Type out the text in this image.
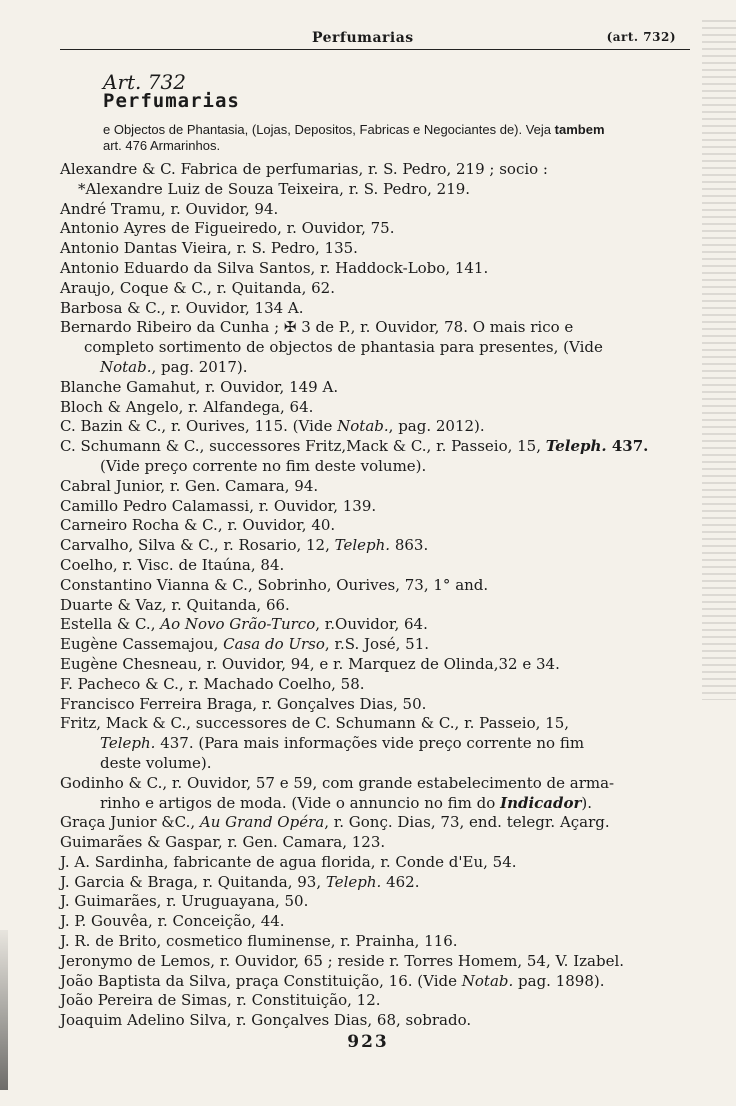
Perfumarias	(art. 732)
Art. 732
Perfumarias
e Objectos de Phantasia, (Lojas, Depositos, Fabricas e Negociantes de). Veja tambem
art. 476 Armarinhos.
Alexandre & C. Fabrica de perfumarias, r. S. Pedro, 219 ; socio :
*Alexandre Luiz de Souza Teixeira, r. S. Pedro, 219.
André Tramu, r. Ouvidor, 94.
Antonio Ayres de Figueiredo, r. Ouvidor, 75.
Antonio Dantas Vieira, r. S. Pedro, 135.
Antonio Eduardo da Silva Santos, r. Haddock-Lobo, 141.
Araujo, Coque & C., r. Quitanda, 62.
Barbosa & C., r. Ouvidor, 134 A.
Bernardo Ribeiro da Cunha ; ✠ 3 de P., r. Ouvidor, 78. O mais rico e
completo sortimento de objectos de phantasia para presentes, (Vide
Notab., pag. 2017).
Blanche Gamahut, r. Ouvidor, 149 A.
Bloch & Angelo, r. Alfandega, 64.
C. Bazin & C., r. Ourives, 115. (Vide Notab., pag. 2012).
C. Schumann & C., successores Fritz,Mack & C., r. Passeio, 15, Teleph. 437.
(Vide preço corrente no fim deste volume).
Cabral Junior, r. Gen. Camara, 94.
Camillo Pedro Calamassi, r. Ouvidor, 139.
Carneiro Rocha & C., r. Ouvidor, 40.
Carvalho, Silva & C., r. Rosario, 12, Teleph. 863.
Coelho, r. Visc. de Itaúna, 84.
Constantino Vianna & C., Sobrinho, Ourives, 73, 1° and.
Duarte & Vaz, r. Quitanda, 66.
Estella & C., Ao Novo Grão-Turco, r.Ouvidor, 64.
Eugène Cassemajou, Casa do Urso, r.S. José, 51.
Eugène Chesneau, r. Ouvidor, 94, e r. Marquez de Olinda,32 e 34.
F. Pacheco & C., r. Machado Coelho, 58.
Francisco Ferreira Braga, r. Gonçalves Dias, 50.
Fritz, Mack & C., successores de C. Schumann & C., r. Passeio, 15,
Teleph. 437. (Para mais informações vide preço corrente no fim
deste volume).
Godinho & C., r. Ouvidor, 57 e 59, com grande estabelecimento de arma-
rinho e artigos de moda. (Vide o annuncio no fim do Indicador).
Graça Junior &C., Au Grand Opéra, r. Gonç. Dias, 73, end. telegr. Açarg.
Guimarães & Gaspar, r. Gen. Camara, 123.
J. A. Sardinha, fabricante de agua florida, r. Conde d'Eu, 54.
J. Garcia & Braga, r. Quitanda, 93, Teleph. 462.
J. Guimarães, r. Uruguayana, 50.
J. P. Gouvêa, r. Conceição, 44.
J. R. de Brito, cosmetico fluminense, r. Prainha, 116.
Jeronymo de Lemos, r. Ouvidor, 65 ; reside r. Torres Homem, 54, V. Izabel.
João Baptista da Silva, praça Constituição, 16. (Vide Notab. pag. 1898).
João Pereira de Simas, r. Constituição, 12.
Joaquim Adelino Silva, r. Gonçalves Dias, 68, sobrado.
923
